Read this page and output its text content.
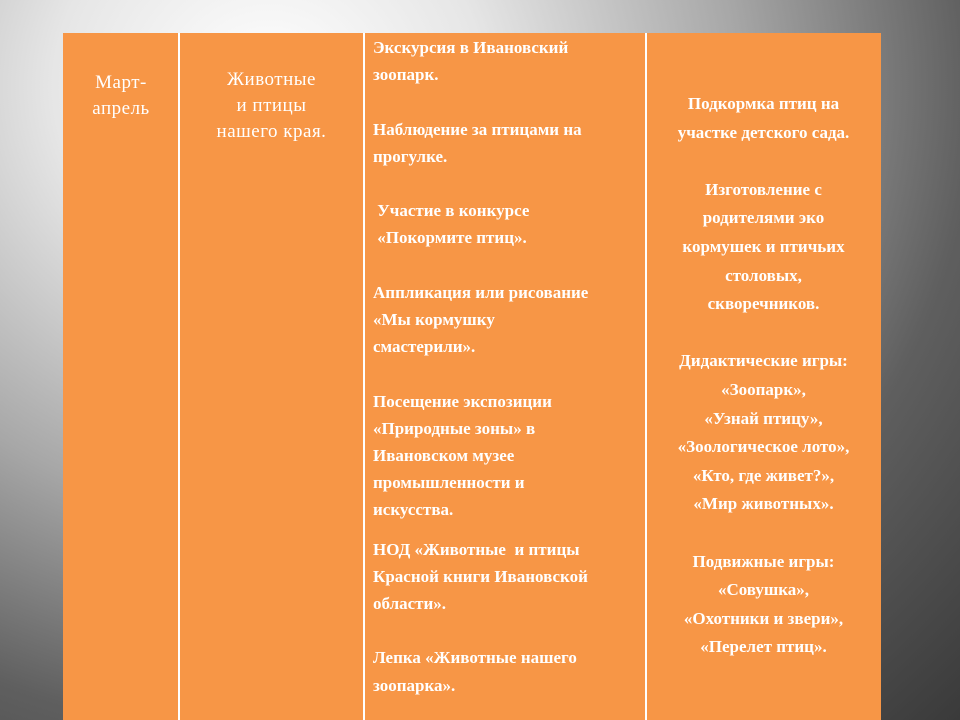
Март-
апрель
Животные
и птицы
нашего края.

Экскурсия в Ивановский

зоопарк.

Наблюдение за птицами на

прогулке.

Участие в конкурсе

«Покормите птиц».

Аппликация или рисование

«Мы кормушку

смастерили».

Посещение экспозиции

«Природные зоны» в

Ивановском музее

промышленности и

искусства.

НОД «Животные  и птицы

Красной книги Ивановской

области».

Лепка «Животные нашего

зоопарка».

Подкормка птиц на

участке детского сада.

Изготовление с

родителями эко

кормушек и птичьих

столовых,

скворечников.

Дидактические игры:

«Зоопарк»,

«Узнай птицу»,

«Зоологическое лото»,

«Кто, где живет?»,

«Мир животных».

Подвижные игры:

«Совушка»,

«Охотники и звери»,

«Перелет птиц».
